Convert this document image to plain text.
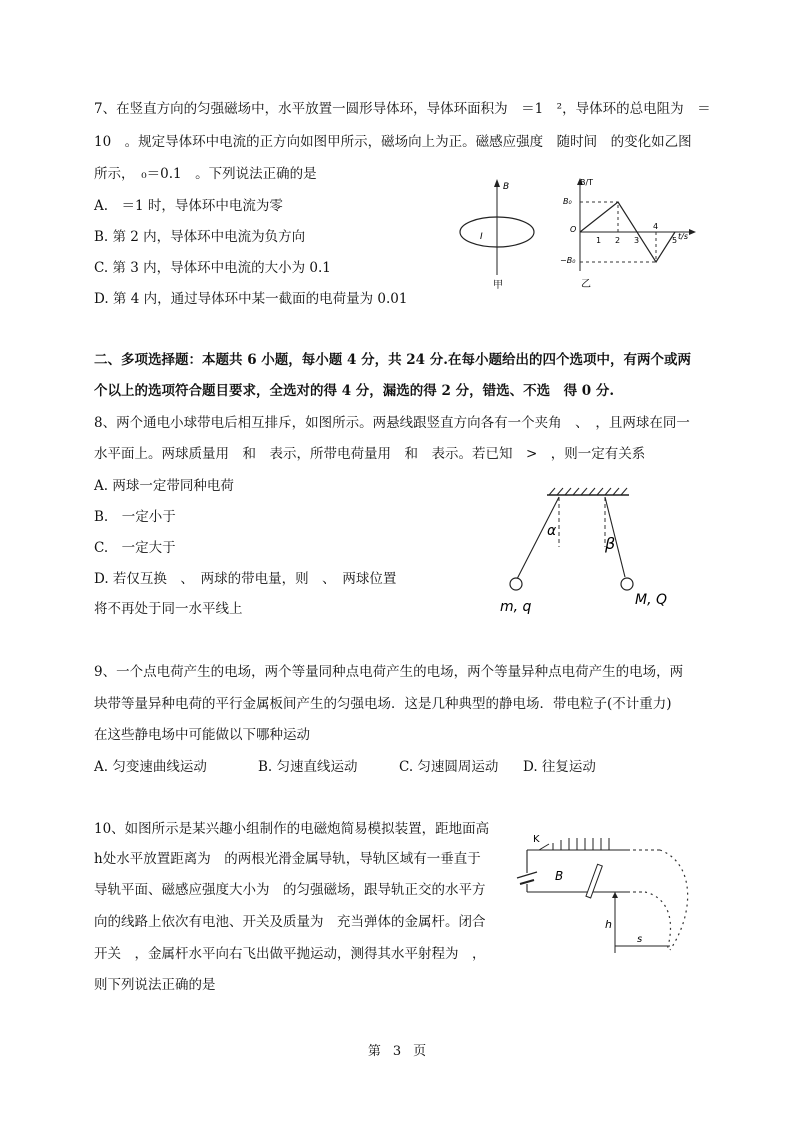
7、在竖直方向的匀强磁场中，水平放置一圆形导体环，导体环面积为　＝1　²，导体环的总电阻为　＝
10　。规定导体环中电流的正方向如图甲所示，磁场向上为正。磁感应强度　随时间　的变化如乙图
所示，　₀＝0.1　。下列说法正确的是
A.　＝1 时，导体环中电流为零
B. 第 2 内，导体环中电流为负方向
C. 第 3 内，导体环中电流的大小为 0.1
D. 第 4 内，通过导体环中某一截面的电荷量为 0.01
B
I
甲
1 2 3
4
5
B/T
t/s
O
B₀
−B₀
乙
二、多项选择题：本题共 6 小题，每小题 4 分，共 24 分.在每小题给出的四个选项中，有两个或两
个以上的选项符合题目要求，全选对的得 4 分，漏选的得 2 分，错选、不选　得 0 分.
8、两个通电小球带电后相互排斥，如图所示。两悬线跟竖直方向各有一个夹角　、　，且两球在同一
水平面上。两球质量用　和　表示，所带电荷量用　和　表示。若已知　>　，则一定有关系
A. 两球一定带同种电荷
B.　一定小于
C.　一定大于
D. 若仅互换　、　两球的带电量，则　、　两球位置
将不再处于同一水平线上
α
β
m, q	M, Q
9、一个点电荷产生的电场，两个等量同种点电荷产生的电场，两个等量异种点电荷产生的电场，两
块带等量异种电荷的平行金属板间产生的匀强电场．这是几种典型的静电场．带电粒子(不计重力)
在这些静电场中可能做以下哪种运动
A. 匀变速曲线运动	B. 匀速直线运动	C. 匀速圆周运动 D. 往复运动
10、如图所示是某兴趣小组制作的电磁炮简易模拟装置，距地面高
h处水平放置距离为　的两根光滑金属导轨，导轨区域有一垂直于
导轨平面、磁感应强度大小为　的匀强磁场，跟导轨正交的水平方
向的线路上依次有电池、开关及质量为　充当弹体的金属杆。闭合
开关　，金属杆水平向右飞出做平抛运动，测得其水平射程为　，
则下列说法正确的是
K
B
h
s
第 3 页
